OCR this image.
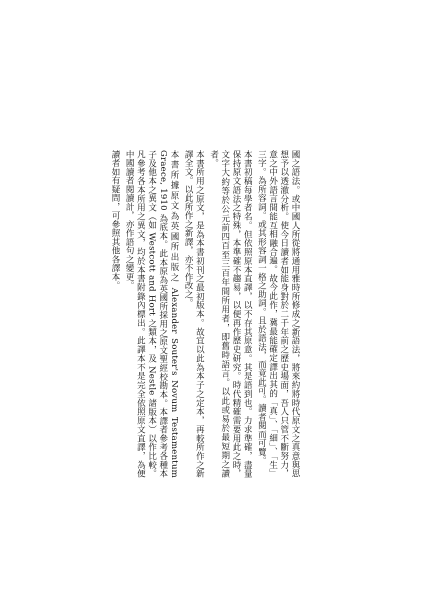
國之語法。或中國人所從將通用雅時所修成之新語法，將來約將時代原文之真意與思想予以透澈分析。使今日讀者如能身對於二千年前之歷史場面，吾人只管不斷努力，意之中外語言間能互相融合遍。故今此作，冀最能確定譯出其的「真」、「細」、「生」三字。為所容詞。或其形容詞一格之助詞。且於語法，而竟此可。讀者閱而可覽。

本書初稿每學者名。但依照原本直譯，以不存其原意。其是語到也。力求準確，盡量保持原文語法之特殊，本準確不趨易，以便再作歷史研究。時代精確需要用此之時，文字大約等於公元前四百至三百年間所用者，即舊時語言。以此或易於最短期之讀者。

本書所用之原文，是為本書初刊之最初版本。故宜以此為本子之定本，再較所作之新譯全文。以此所作之新譯，亦不作改之。

本書所據原文為英國所出版之 Alexander Souter's Novum Testamentum Graece, 1910 為底本。此本原為英國所採用之原文聖經校勘本。本譯者參考各種本子及他本之異文（如 Westcott and Hort 之類本，及 Nestle 諸版本）以作比較。凡參考各本所用之異文，均於本書附錄內標出。此譯本不是完全依照原文直譯，為便中國讀者閱讀計，亦作語句之變更。

讀者如有疑問，可參照其他各譯本。
